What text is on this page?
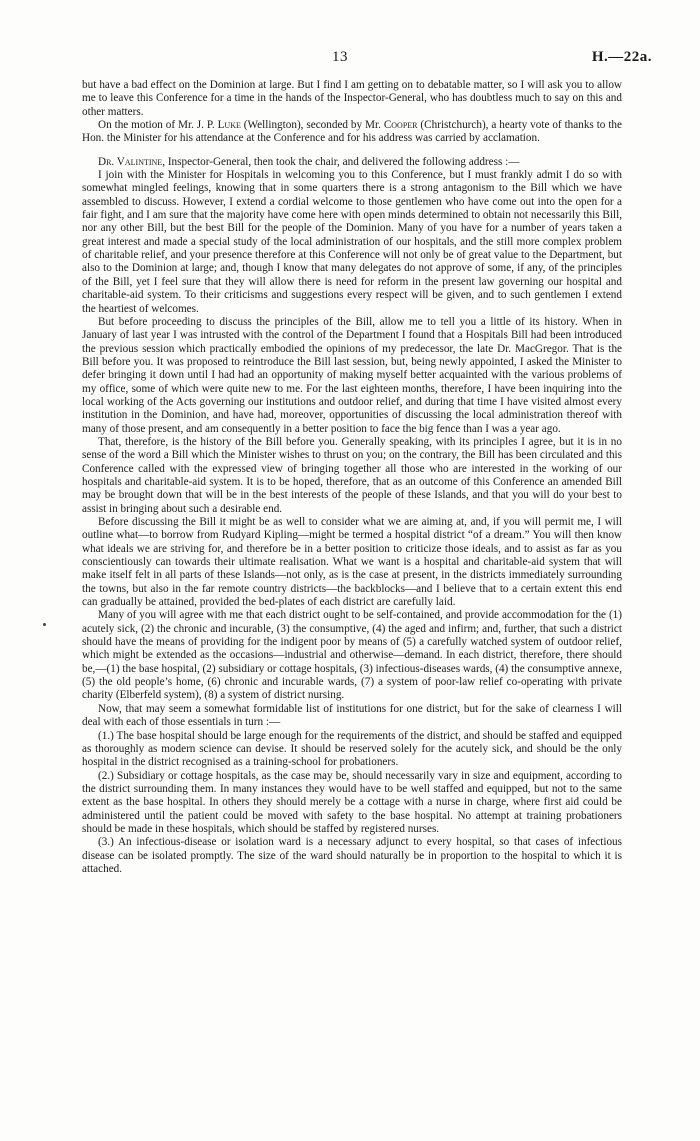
13	H.—22a.

but have a bad effect on the Dominion at large. But I find I am getting on to debatable matter, so I will ask you to allow me to leave this Conference for a time in the hands of the Inspector-General, who has doubtless much to say on this and other matters.

On the motion of Mr. J. P. Luke (Wellington), seconded by Mr. Cooper (Christchurch), a hearty vote of thanks to the Hon. the Minister for his attendance at the Conference and for his address was carried by acclamation.

Dr. Valintine, Inspector-General, then took the chair, and delivered the following address :—

I join with the Minister for Hospitals in welcoming you to this Conference, but I must frankly admit I do so with somewhat mingled feelings, knowing that in some quarters there is a strong antagonism to the Bill which we have assembled to discuss. However, I extend a cordial welcome to those gentlemen who have come out into the open for a fair fight, and I am sure that the majority have come here with open minds determined to obtain not necessarily this Bill, nor any other Bill, but the best Bill for the people of the Dominion. Many of you have for a number of years taken a great interest and made a special study of the local administration of our hospitals, and the still more complex problem of charitable relief, and your presence therefore at this Conference will not only be of great value to the Department, but also to the Dominion at large; and, though I know that many delegates do not approve of some, if any, of the principles of the Bill, yet I feel sure that they will allow there is need for reform in the present law governing our hospital and charitable-aid system. To their criticisms and suggestions every respect will be given, and to such gentlemen I extend the heartiest of welcomes.

But before proceeding to discuss the principles of the Bill, allow me to tell you a little of its history. When in January of last year I was intrusted with the control of the Department I found that a Hospitals Bill had been introduced the previous session which practically embodied the opinions of my predecessor, the late Dr. MacGregor. That is the Bill before you. It was proposed to reintroduce the Bill last session, but, being newly appointed, I asked the Minister to defer bringing it down until I had had an opportunity of making myself better acquainted with the various problems of my office, some of which were quite new to me. For the last eighteen months, therefore, I have been inquiring into the local working of the Acts governing our institutions and outdoor relief, and during that time I have visited almost every institution in the Dominion, and have had, moreover, opportunities of discussing the local administration thereof with many of those present, and am consequently in a better position to face the big fence than I was a year ago.

That, therefore, is the history of the Bill before you. Generally speaking, with its principles I agree, but it is in no sense of the word a Bill which the Minister wishes to thrust on you; on the contrary, the Bill has been circulated and this Conference called with the expressed view of bringing together all those who are interested in the working of our hospitals and charitable-aid system. It is to be hoped, therefore, that as an outcome of this Conference an amended Bill may be brought down that will be in the best interests of the people of these Islands, and that you will do your best to assist in bringing about such a desirable end.

Before discussing the Bill it might be as well to consider what we are aiming at, and, if you will permit me, I will outline what—to borrow from Rudyard Kipling—might be termed a hospital district “of a dream.” You will then know what ideals we are striving for, and therefore be in a better position to criticize those ideals, and to assist as far as you conscientiously can towards their ultimate realisation. What we want is a hospital and charitable-aid system that will make itself felt in all parts of these Islands—not only, as is the case at present, in the districts immediately surrounding the towns, but also in the far remote country districts—the backblocks—and I believe that to a certain extent this end can gradually be attained, provided the bed-plates of each district are carefully laid.

Many of you will agree with me that each district ought to be self-contained, and provide accommodation for the (1) acutely sick, (2) the chronic and incurable, (3) the consumptive, (4) the aged and infirm; and, further, that such a district should have the means of providing for the indigent poor by means of (5) a carefully watched system of outdoor relief, which might be extended as the occasions—industrial and otherwise—demand. In each district, therefore, there should be,—(1) the base hospital, (2) subsidiary or cottage hospitals, (3) infectious-diseases wards, (4) the consumptive annexe, (5) the old people’s home, (6) chronic and incurable wards, (7) a system of poor-law relief co-operating with private charity (Elberfeld system), (8) a system of district nursing.

Now, that may seem a somewhat formidable list of institutions for one district, but for the sake of clearness I will deal with each of those essentials in turn :—

(1.) The base hospital should be large enough for the requirements of the district, and should be staffed and equipped as thoroughly as modern science can devise. It should be reserved solely for the acutely sick, and should be the only hospital in the district recognised as a training-school for probationers.

(2.) Subsidiary or cottage hospitals, as the case may be, should necessarily vary in size and equipment, according to the district surrounding them. In many instances they would have to be well staffed and equipped, but not to the same extent as the base hospital. In others they should merely be a cottage with a nurse in charge, where first aid could be administered until the patient could be moved with safety to the base hospital. No attempt at training probationers should be made in these hospitals, which should be staffed by registered nurses.

(3.) An infectious-disease or isolation ward is a necessary adjunct to every hospital, so that cases of infectious disease can be isolated promptly. The size of the ward should naturally be in proportion to the hospital to which it is attached.
